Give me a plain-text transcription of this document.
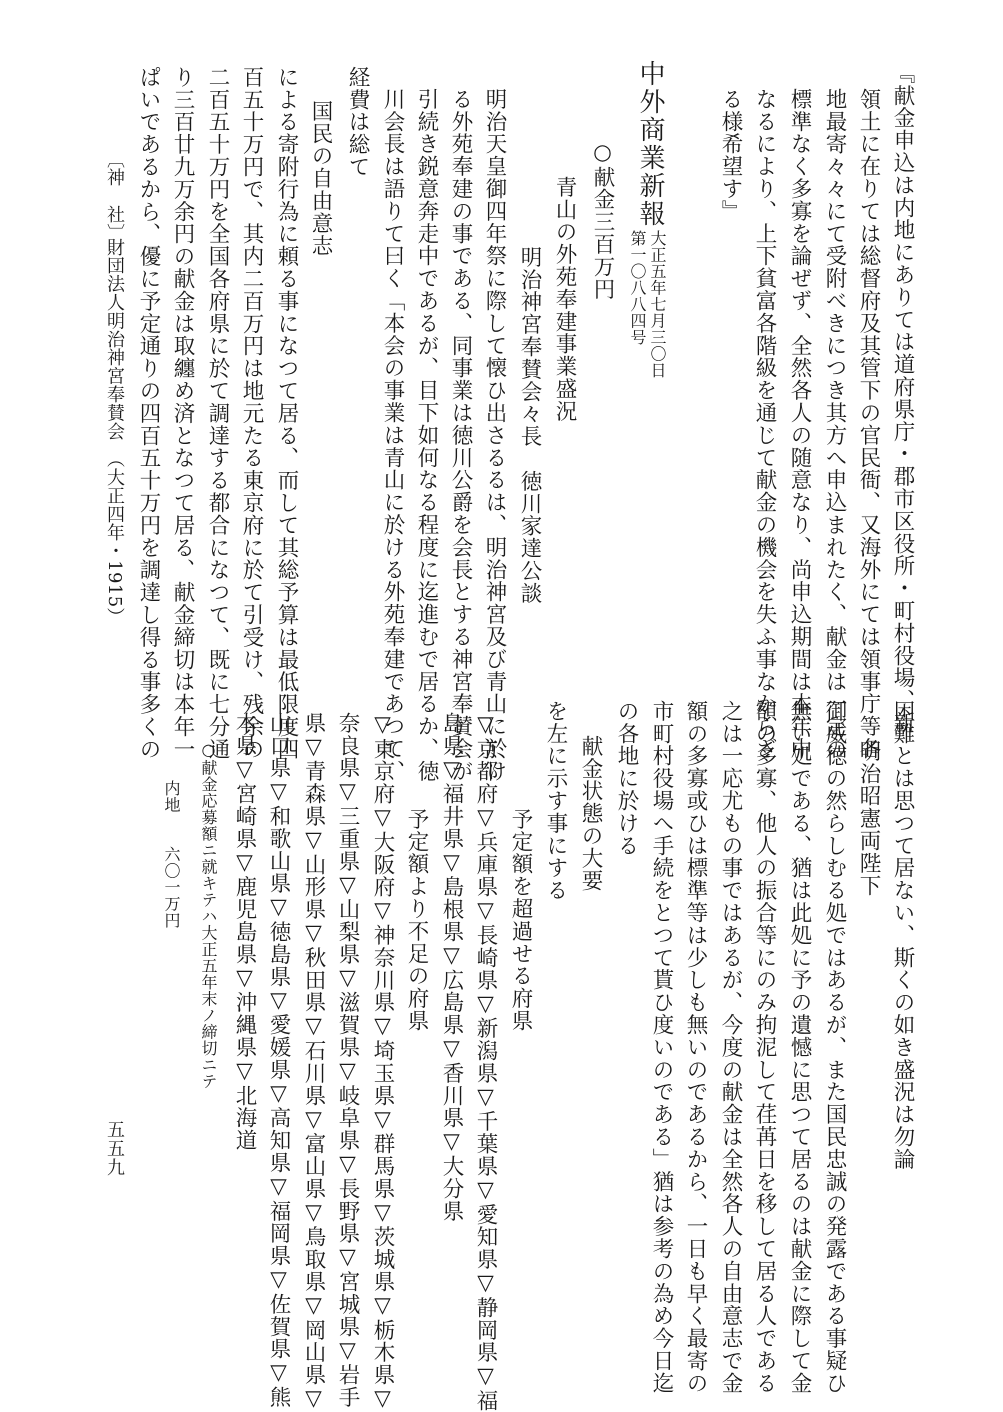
『献金申込は内地にありては道府県庁・郡市区役所・町村役場、新
領土に在りては総督府及其管下の官民衙、又海外にては領事庁等各
地最寄々々にて受附べきにつき其方へ申込まれたく、献金は一定の
標準なく多寡を論ぜず、全然各人の随意なり、尚申込期間は本年中
なるにより、上下貧富各階級を通じて献金の機会を失ふ事なからざ
る様希望す』
中外商業新報
第一〇八八四号 大正五年七月三〇日
○献金三百万円
青山の外苑奉建事業盛況
明治神宮奉賛会々長　徳川家達公談
明治天皇御四年祭に際して懐ひ出さるるは、明治神宮及び青山に於け
る外苑奉建の事である、同事業は徳川公爵を会長とする神宮奉賛会が
引続き鋭意奔走中であるが、目下如何なる程度に迄進むで居るか、徳
川会長は語りて曰く「本会の事業は青山に於ける外苑奉建であつて、
経費は総て
国民の自由意志
による寄附行為に頼る事になつて居る、而して其総予算は最低限度四
百五十万円で、其内二百万円は地元たる東京府に於て引受け、残余の
二百五十万円を全国各府県に於て調達する都合になつて、既に七分通
り三百廿九万余円の献金は取纏め済となつて居る、献金締切は本年一
ぱいであるから、優に予定通りの四百五十万円を調達し得る事多くの
〔神　社〕
財団法人明治神宮奉賛会　（大正四年・1915）
困難とは思つて居ない、斯くの如き盛況は勿論
明治昭憲両陛下
御威徳の然らしむる処ではあるが、また国民忠誠の発露である事疑ひ
無い処である、猶は此処に予の遺憾に思つて居るのは献金に際して金
額の多寡、他人の振合等にのみ拘泥して荏苒日を移して居る人である
之は一応尤もの事ではあるが、今度の献金は全然各人の自由意志で金
額の多寡或ひは標準等は少しも無いのであるから、一日も早く最寄の
市町村役場へ手続をとつて貰ひ度いのである」猶は参考の為め今日迄
の各地に於ける
献金状態の大要
を左に示す事にする
予定額を超過せる府県
▽京都府▽兵庫県▽長崎県▽新潟県▽千葉県▽愛知県▽静岡県▽福
島県▽福井県▽島根県▽広島県▽香川県▽大分県
予定額より不足の府県
▽東京府▽大阪府▽神奈川県▽埼玉県▽群馬県▽茨城県▽栃木県▽
奈良県▽三重県▽山梨県▽滋賀県▽岐阜県▽長野県▽宮城県▽岩手
県▽青森県▽山形県▽秋田県▽石川県▽富山県▽鳥取県▽岡山県▽
山口県▽和歌山県▽徳島県▽愛媛県▽高知県▽福岡県▽佐賀県▽熊
本県▽宮崎県▽鹿児島県▽沖縄県▽北海道
○献金応募額ニ就キテハ大正五年末ノ締切ニテ
内地　　六〇一万円
五五九
